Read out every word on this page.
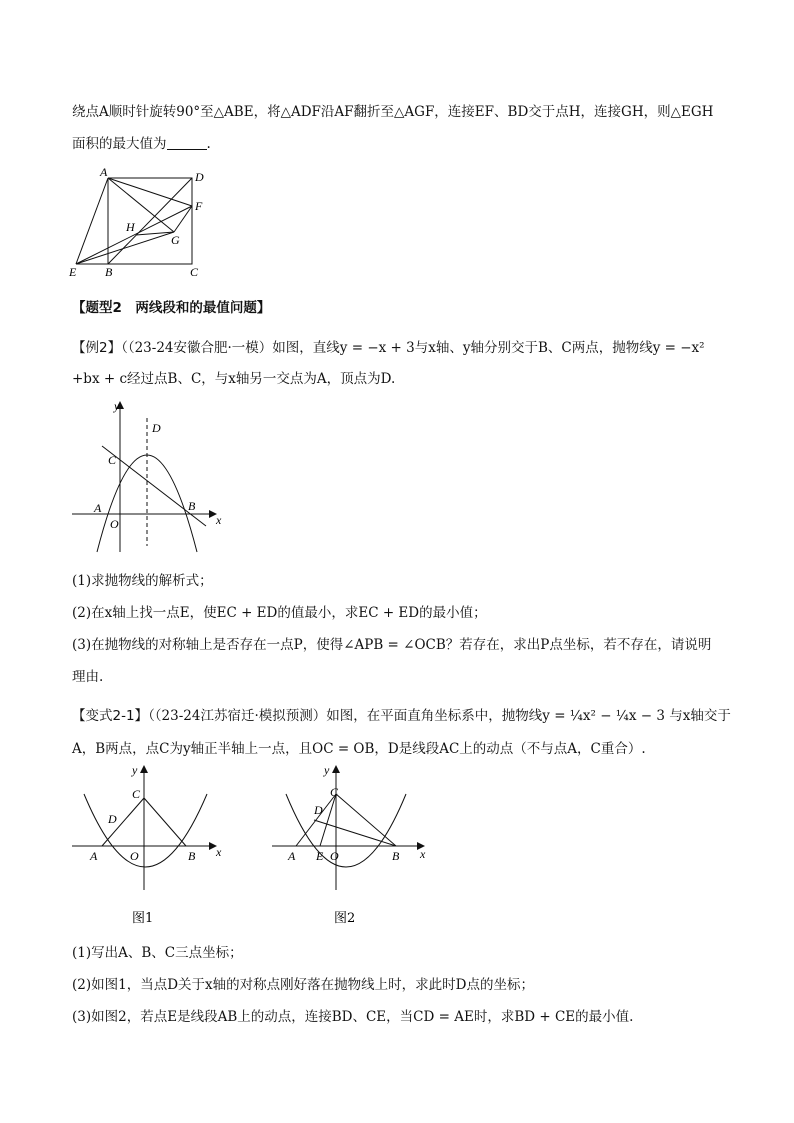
绕点A顺时针旋转90°至△ABE，将△ADF沿AF翻折至△AGF，连接EF、BD交于点H，连接GH，则△EGH
面积的最大值为	.
A	D
F
H
G
E B	C
【题型2　两线段和的最值问题】
【例2】（（23-24安徽合肥·一模）如图，直线y = −x + 3与x轴、y轴分别交于B、C两点，抛物线y = −x²
+bx + c经过点B、C，与x轴另一交点为A，顶点为D.
y
x
D
C
A
O
B
(1)求抛物线的解析式；
(2)在x轴上找一点E，使EC + ED的值最小，求EC + ED的最小值；
(3)在抛物线的对称轴上是否存在一点P，使得∠APB = ∠OCB？若存在，求出P点坐标，若不存在，请说明
理由.
【变式2-1】（（23-24江苏宿迁·模拟预测）如图，在平面直角坐标系中，抛物线y = ¼x² − ¼x − 3 与x轴交于
A，B两点，点C为y轴正半轴上一点，且OC = OB，D是线段AC上的动点（不与点A，C重合）.
y
x
C
D
A	O	B
图1
y
x
C
D
A E O	B
图2
(1)写出A、B、C三点坐标；
(2)如图1，当点D关于x轴的对称点刚好落在抛物线上时，求此时D点的坐标；
(3)如图2，若点E是线段AB上的动点，连接BD、CE，当CD = AE时，求BD + CE的最小值.
